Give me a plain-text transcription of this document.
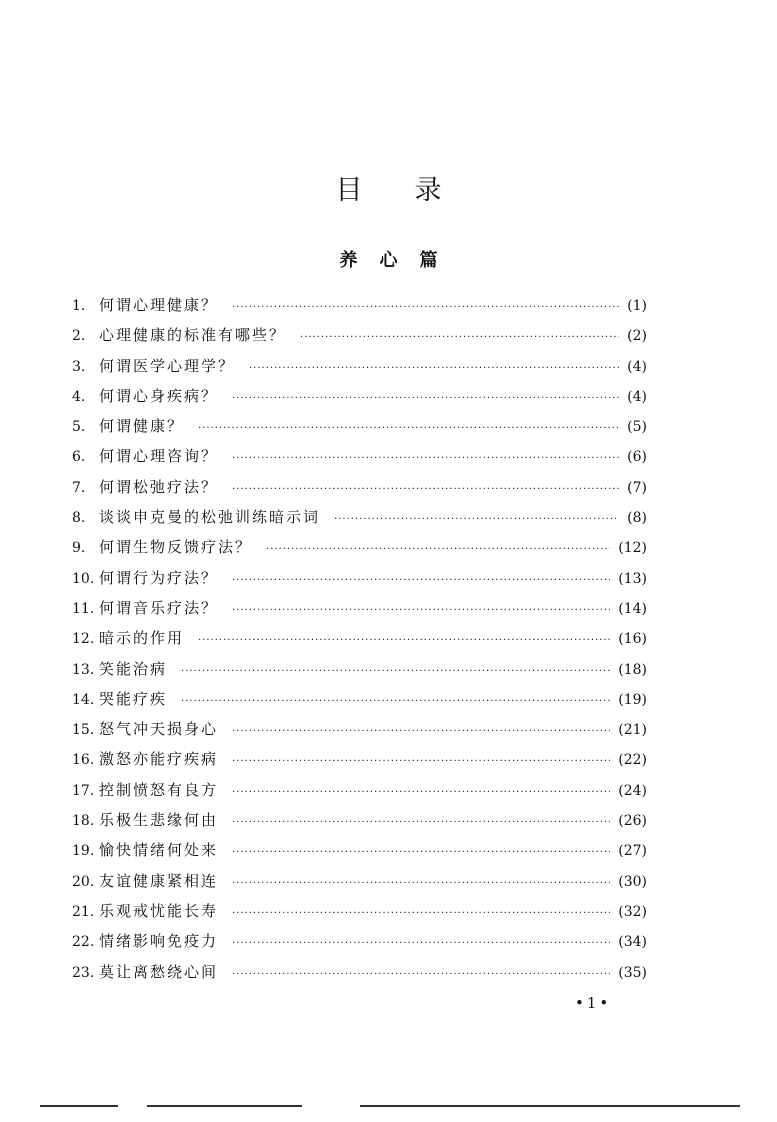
目录
养心篇
1. 何谓心理健康？ ·····	(1)
2. 心理健康的标准有哪些？ ·····	(2)
3. 何谓医学心理学？ ·····	(4)
4. 何谓心身疾病？ ·····	(4)
5. 何谓健康？ ·····	(5)
6. 何谓心理咨询？ ·····	(6)
7. 何谓松弛疗法？ ·····	(7)
8. 谈谈申克曼的松弛训练暗示词 ·····	(8)
9. 何谓生物反馈疗法？ ·····	(12)
10. 何谓行为疗法？ ·····	(13)
11. 何谓音乐疗法？ ·····	(14)
12. 暗示的作用 ·····	(16)
13. 笑能治病 ·····	(18)
14. 哭能疗疾 ·····	(19)
15. 怒气冲天损身心 ·····	(21)
16. 激怒亦能疗疾病 ·····	(22)
17. 控制愤怒有良方 ·····	(24)
18. 乐极生悲缘何由 ·····	(26)
19. 愉快情绪何处来 ·····	(27)
20. 友谊健康紧相连 ·····	(30)
21. 乐观戒忧能长寿 ·····	(32)
22. 情绪影响免疫力 ·····	(34)
23. 莫让离愁绕心间 ·····	(35)
•1•
